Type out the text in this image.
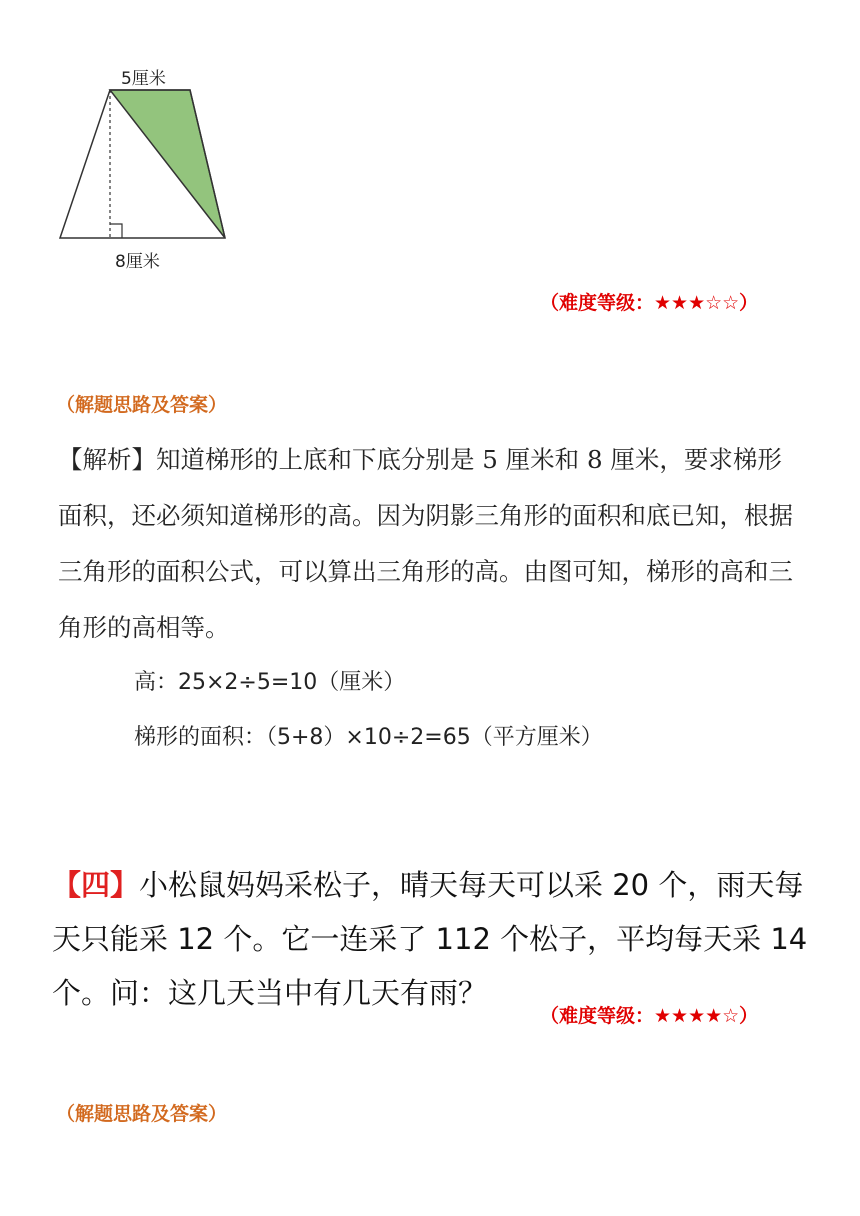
5厘米
8厘米
（难度等级：★★★☆☆）
（解题思路及答案）
【解析】知道梯形的上底和下底分别是 5 厘米和 8 厘米，要求梯形面积，还必须知道梯形的高。因为阴影三角形的面积和底已知，根据三角形的面积公式，可以算出三角形的高。由图可知，梯形的高和三角形的高相等。
高：25×2÷5=10（厘米）
梯形的面积：（5+8）×10÷2=65（平方厘米）
【四】小松鼠妈妈采松子，晴天每天可以采 20 个，雨天每天只能采 12 个。它一连采了 112 个松子，平均每天采 14 个。问：这几天当中有几天有雨？
（难度等级：★★★★☆）
（解题思路及答案）
